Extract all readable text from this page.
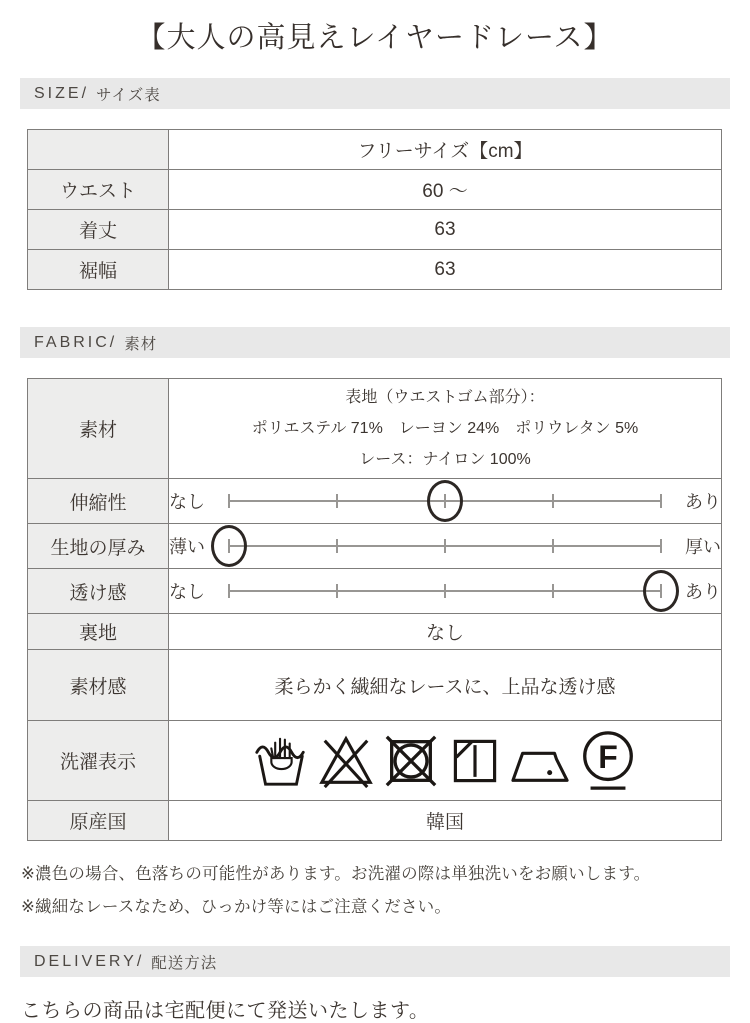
【大人の高見えレイヤードレース】
SIZE/ サイズ表
	フリーサイズ【cm】
ウエスト	60 ～
着丈	63
裾幅	63
FABRIC/ 素材
素材	表地（ウエストゴム部分）：
ポリエステル 71%　レーヨン 24%　ポリウレタン 5%
レース：ナイロン 100%

伸縮性	なし あり

生地の厚み	薄い 厚い

透け感	なし あり

裏地	なし
素材感	柔らかく繊細なレースに、上品な透け感
洗濯表示	F

原産国	韓国
※濃色の場合、色落ちの可能性があります。お洗濯の際は単独洗いをお願いします。
※繊細なレースなため、ひっかけ等にはご注意ください。
DELIVERY/ 配送方法
こちらの商品は宅配便にて発送いたします。
